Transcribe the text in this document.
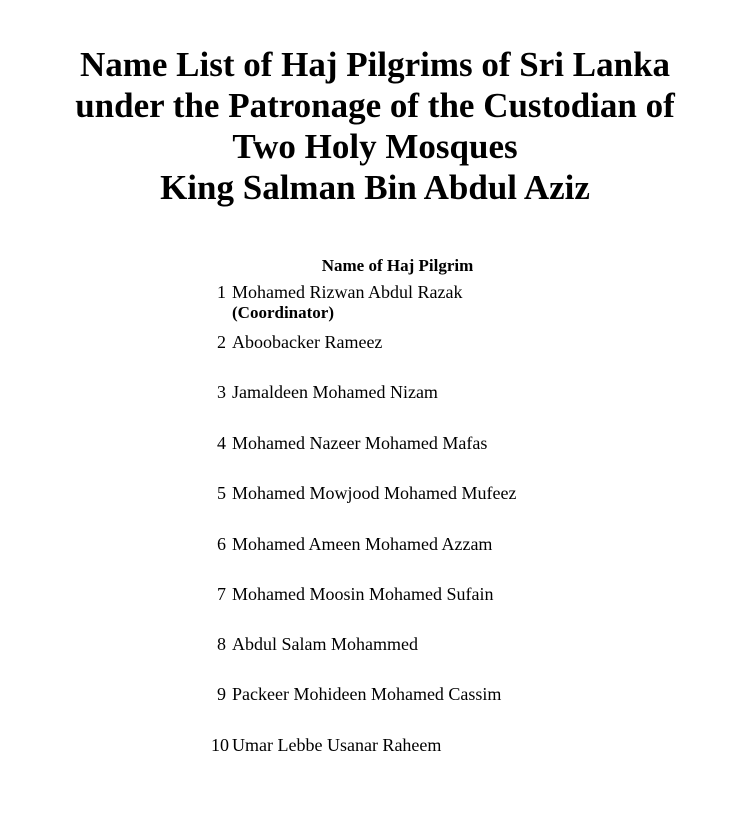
Name List of Haj Pilgrims of Sri Lanka
under the Patronage of the Custodian of
Two Holy Mosques
King Salman Bin Abdul Aziz
Name of Haj Pilgrim
1 Mohamed Rizwan Abdul Razak
(Coordinator)
2 Aboobacker Rameez
3 Jamaldeen Mohamed Nizam
4 Mohamed Nazeer Mohamed Mafas
5 Mohamed Mowjood Mohamed Mufeez
6 Mohamed Ameen Mohamed Azzam
7 Mohamed Moosin Mohamed Sufain
8 Abdul Salam Mohammed
9 Packeer Mohideen Mohamed Cassim
10 Umar Lebbe Usanar Raheem
